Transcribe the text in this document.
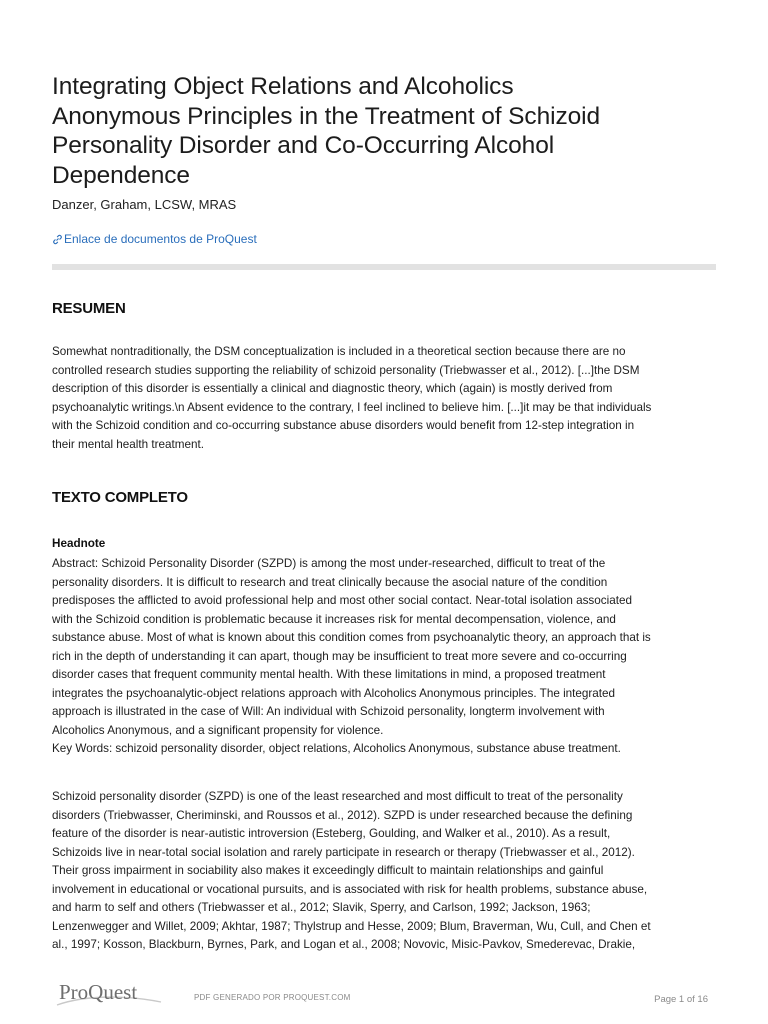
Integrating Object Relations and Alcoholics
Anonymous Principles in the Treatment of Schizoid
Personality Disorder and Co-Occurring Alcohol
Dependence
Danzer, Graham, LCSW, MRAS
Enlace de documentos de ProQuest
RESUMEN
Somewhat nontraditionally, the DSM conceptualization is included in a theoretical section because there are no
controlled research studies supporting the reliability of schizoid personality (Triebwasser et al., 2012). [...]the DSM
description of this disorder is essentially a clinical and diagnostic theory, which (again) is mostly derived from
psychoanalytic writings.\n Absent evidence to the contrary, I feel inclined to believe him. [...]it may be that individuals
with the Schizoid condition and co-occurring substance abuse disorders would benefit from 12-step integration in
their mental health treatment.
TEXTO COMPLETO
Headnote
Abstract: Schizoid Personality Disorder (SZPD) is among the most under-researched, difficult to treat of the
personality disorders. It is difficult to research and treat clinically because the asocial nature of the condition
predisposes the afflicted to avoid professional help and most other social contact. Near-total isolation associated
with the Schizoid condition is problematic because it increases risk for mental decompensation, violence, and
substance abuse. Most of what is known about this condition comes from psychoanalytic theory, an approach that is
rich in the depth of understanding it can apart, though may be insufficient to treat more severe and co-occurring
disorder cases that frequent community mental health. With these limitations in mind, a proposed treatment
integrates the psychoanalytic-object relations approach with Alcoholics Anonymous principles. The integrated
approach is illustrated in the case of Will: An individual with Schizoid personality, longterm involvement with
Alcoholics Anonymous, and a significant propensity for violence.
Key Words: schizoid personality disorder, object relations, Alcoholics Anonymous, substance abuse treatment.
Schizoid personality disorder (SZPD) is one of the least researched and most difficult to treat of the personality
disorders (Triebwasser, Cheriminski, and Roussos et al., 2012). SZPD is under researched because the defining
feature of the disorder is near-autistic introversion (Esteberg, Goulding, and Walker et al., 2010). As a result,
Schizoids live in near-total social isolation and rarely participate in research or therapy (Triebwasser et al., 2012).
Their gross impairment in sociability also makes it exceedingly difficult to maintain relationships and gainful
involvement in educational or vocational pursuits, and is associated with risk for health problems, substance abuse,
and harm to self and others (Triebwasser et al., 2012; Slavik, Sperry, and Carlson, 1992; Jackson, 1963;
Lenzenwegger and Willet, 2009; Akhtar, 1987; Thylstrup and Hesse, 2009; Blum, Braverman, Wu, Cull, and Chen et
al., 1997; Kosson, Blackburn, Byrnes, Park, and Logan et al., 2008; Novovic, Misic-Pavkov, Smederevac, Drakie,
ProQuest	PDF GENERADO POR PROQUEST.COM	Page 1 of 16
